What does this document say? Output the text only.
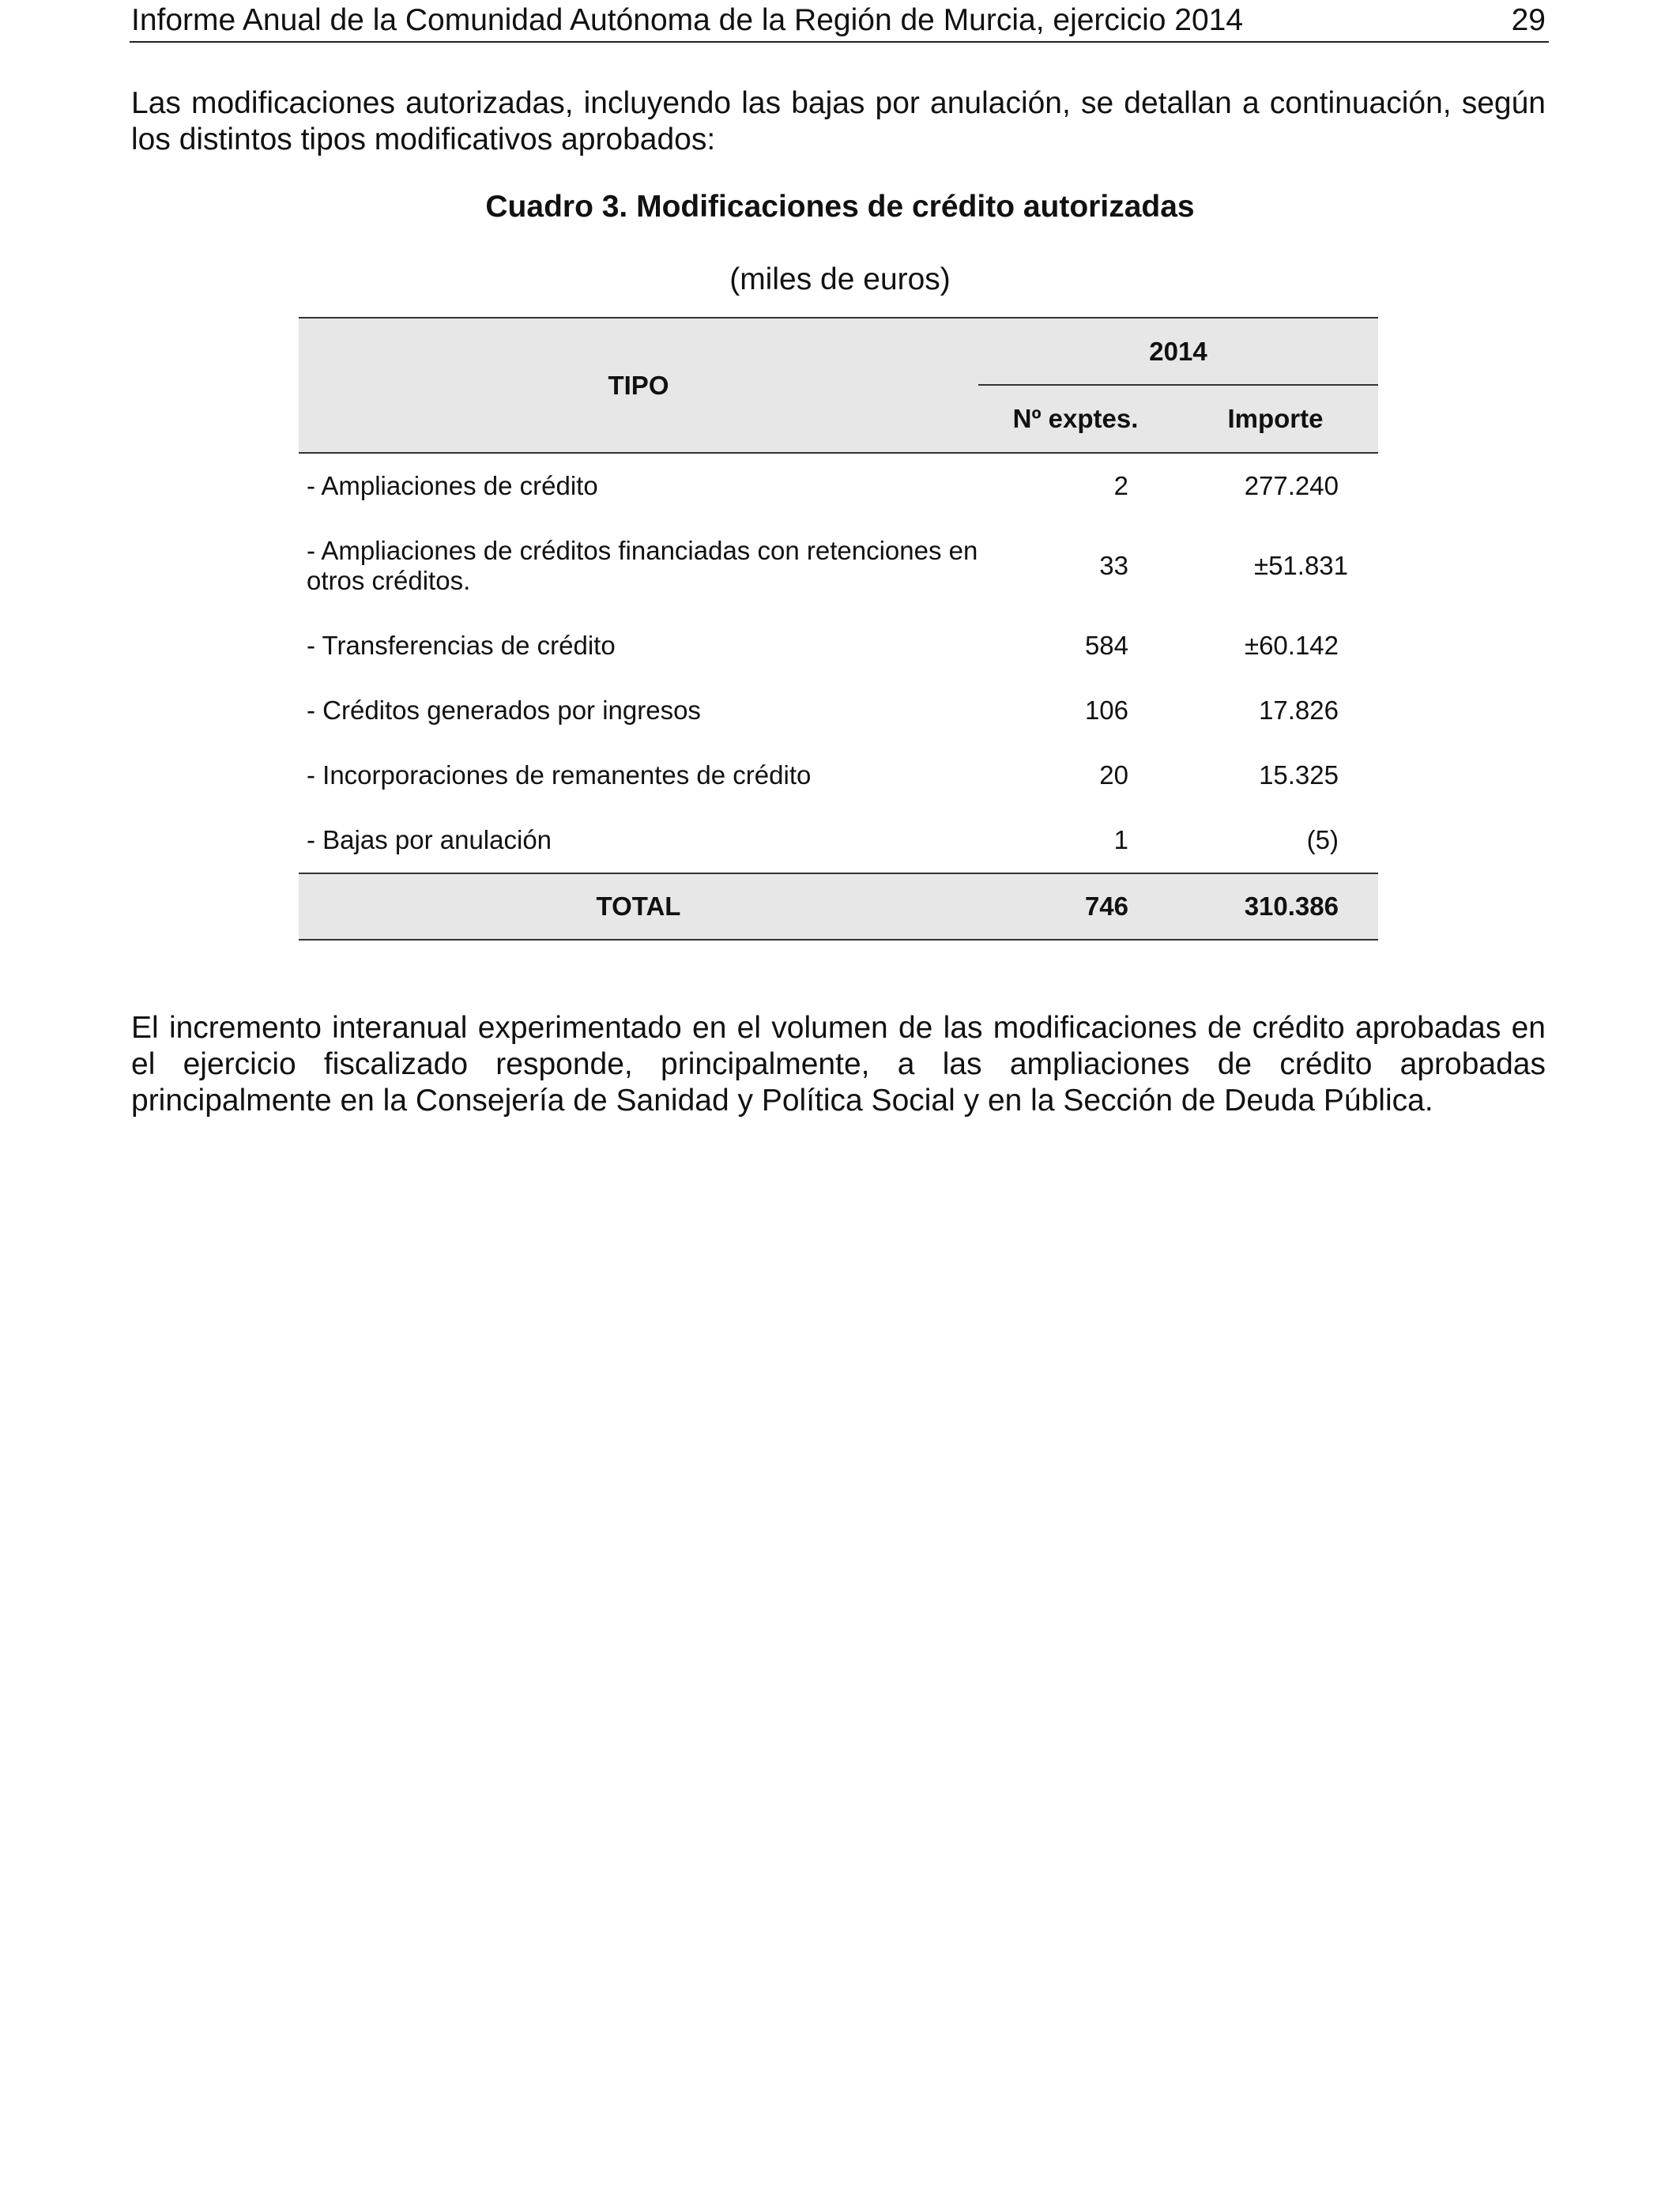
Informe Anual de la Comunidad Autónoma de la Región de Murcia, ejercicio 2014	29

Las modificaciones autorizadas, incluyendo las bajas por anulación, se detallan a continuación, según los distintos tipos modificativos aprobados:

Cuadro 3. Modificaciones de crédito autorizadas
(miles de euros)
TIPO	2014	
	Nº exptes.	Importe
- Ampliaciones de crédito	2	277.240
- Ampliaciones de créditos financiadas con retenciones en otros créditos.	33	±51.831
- Transferencias de crédito	584	±60.142
- Créditos generados por ingresos	106	17.826
- Incorporaciones de remanentes de crédito	20	15.325
- Bajas por anulación	1	(5)
TOTAL	746	310.386

El incremento interanual experimentado en el volumen de las modificaciones de crédito aprobadas en el ejercicio fiscalizado responde, principalmente, a las ampliaciones de crédito aprobadas principalmente en la Consejería de Sanidad y Política Social y en la Sección de Deuda Pública.
